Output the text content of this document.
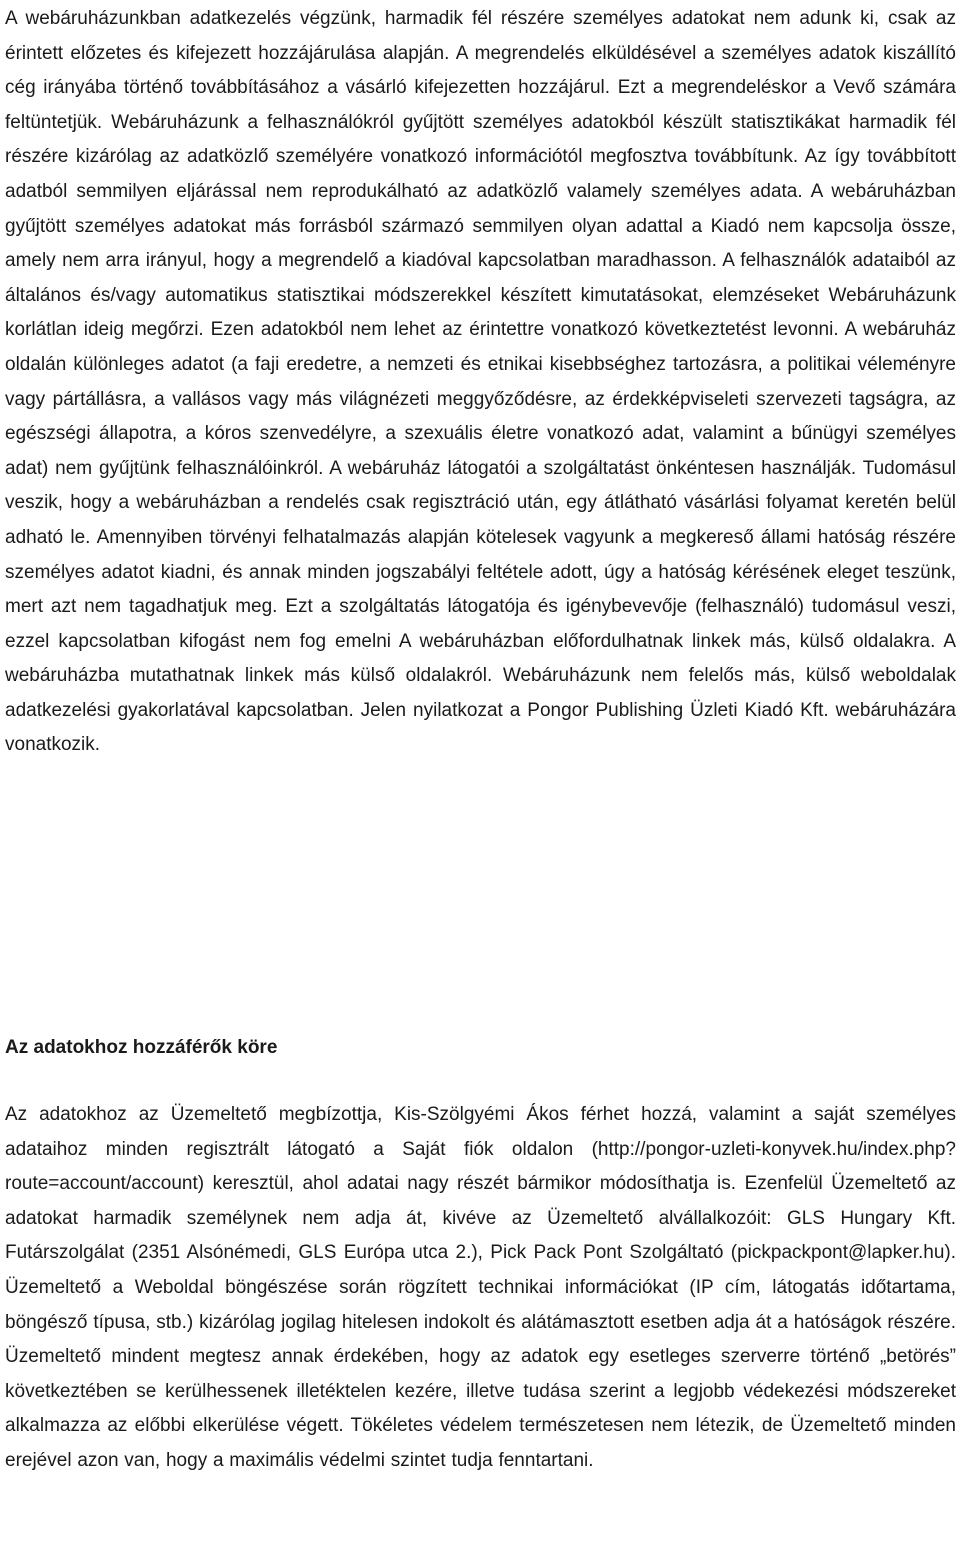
A webáruházunkban adatkezelés végzünk, harmadik fél részére személyes adatokat nem adunk ki, csak az érintett előzetes és kifejezett hozzájárulása alapján. A megrendelés elküldésével a személyes adatok kiszállító cég irányába történő továbbításához a vásárló kifejezetten hozzájárul. Ezt a megrendeléskor a Vevő számára feltüntetjük. Webáruházunk a felhasználókról gyűjtött személyes adatokból készült statisztikákat harmadik fél részére kizárólag az adatközlő személyére vonatkozó információtól megfosztva továbbítunk. Az így továbbított adatból semmilyen eljárással nem reprodukálható az adatközlő valamely személyes adata. A webáruházban gyűjtött személyes adatokat más forrásból származó semmilyen olyan adattal a Kiadó nem kapcsolja össze, amely nem arra irányul, hogy a megrendelő a kiadóval kapcsolatban maradhasson. A felhasználók adataiból az általános és/vagy automatikus statisztikai módszerekkel készített kimutatásokat, elemzéseket Webáruházunk korlátlan ideig megőrzi. Ezen adatokból nem lehet az érintettre vonatkozó következtetést levonni. A webáruház oldalán különleges adatot (a faji eredetre, a nemzeti és etnikai kisebbséghez tartozásra, a politikai véleményre vagy pártállásra, a vallásos vagy más világnézeti meggyőződésre, az érdekképviseleti szervezeti tagságra, az egészségi állapotra, a kóros szenvedélyre, a szexuális életre vonatkozó adat, valamint a bűnügyi személyes adat) nem gyűjtünk felhasználóinkról. A webáruház látogatói a szolgáltatást önkéntesen használják. Tudomásul veszik, hogy a webáruházban a rendelés csak regisztráció után, egy átlátható vásárlási folyamat keretén belül adható le. Amennyiben törvényi felhatalmazás alapján kötelesek vagyunk a megkereső állami hatóság részére személyes adatot kiadni, és annak minden jogszabályi feltétele adott, úgy a hatóság kérésének eleget teszünk, mert azt nem tagadhatjuk meg. Ezt a szolgáltatás látogatója és igénybevevője (felhasználó) tudomásul veszi, ezzel kapcsolatban kifogást nem fog emelni A webáruházban előfordulhatnak linkek más, külső oldalakra. A webáruházba mutathatnak linkek más külső oldalakról. Webáruházunk nem felelős más, külső weboldalak adatkezelési gyakorlatával kapcsolatban. Jelen nyilatkozat a Pongor Publishing Üzleti Kiadó Kft. webáruházára vonatkozik.

Az adatokhoz hozzáférők köre

Az adatokhoz az Üzemeltető megbízottja, Kis-Szölgyémi Ákos férhet hozzá, valamint a saját személyes adataihoz minden regisztrált látogató a Saját fiók oldalon (http://pongor-uzleti-konyvek.hu/index.php?route=account/account) keresztül, ahol adatai nagy részét bármikor módosíthatja is. Ezenfelül Üzemeltető az adatokat harmadik személynek nem adja át, kivéve az Üzemeltető alvállalkozóit: GLS Hungary Kft. Futárszolgálat (2351 Alsónémedi, GLS Európa utca 2.), Pick Pack Pont Szolgáltató (pickpackpont@lapker.hu). Üzemeltető a Weboldal böngészése során rögzített technikai információkat (IP cím, látogatás időtartama, böngésző típusa, stb.) kizárólag jogilag hitelesen indokolt és alátámasztott esetben adja át a hatóságok részére. Üzemeltető mindent megtesz annak érdekében, hogy az adatok egy esetleges szerverre történő „betörés” következtében se kerülhessenek illetéktelen kezére, illetve tudása szerint a legjobb védekezési módszereket alkalmazza az előbbi elkerülése végett. Tökéletes védelem természetesen nem létezik, de Üzemeltető minden erejével azon van, hogy a maximális védelmi szintet tudja fenntartani.
